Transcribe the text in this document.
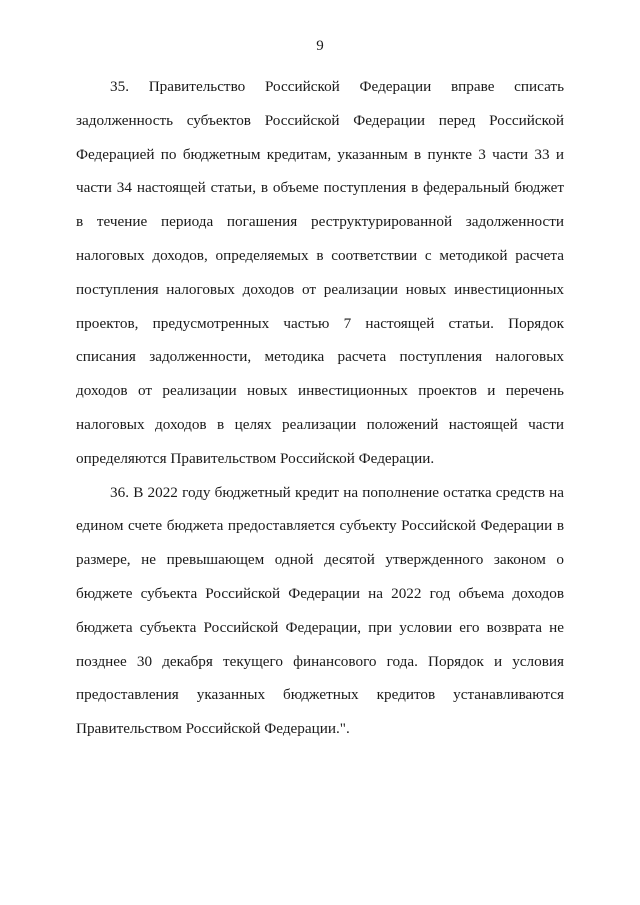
9

35. Правительство Российской Федерации вправе списать задолженность субъектов Российской Федерации перед Российской Федерацией по бюджетным кредитам, указанным в пункте 3 части 33 и части 34 настоящей статьи, в объеме поступления в федеральный бюджет в течение периода погашения реструктурированной задолженности налоговых доходов, определяемых в соответствии с методикой расчета поступления налоговых доходов от реализации новых инвестиционных проектов, предусмотренных частью 7 настоящей статьи. Порядок списания задолженности, методика расчета поступления налоговых доходов от реализации новых инвестиционных проектов и перечень налоговых доходов в целях реализации положений настоящей части определяются Правительством Российской Федерации.

36. В 2022 году бюджетный кредит на пополнение остатка средств на едином счете бюджета предоставляется субъекту Российской Федерации в размере, не превышающем одной десятой утвержденного законом о бюджете субъекта Российской Федерации на 2022 год объема доходов бюджета субъекта Российской Федерации, при условии его возврата не позднее 30 декабря текущего финансового года. Порядок и условия предоставления указанных бюджетных кредитов устанавливаются Правительством Российской Федерации.".
